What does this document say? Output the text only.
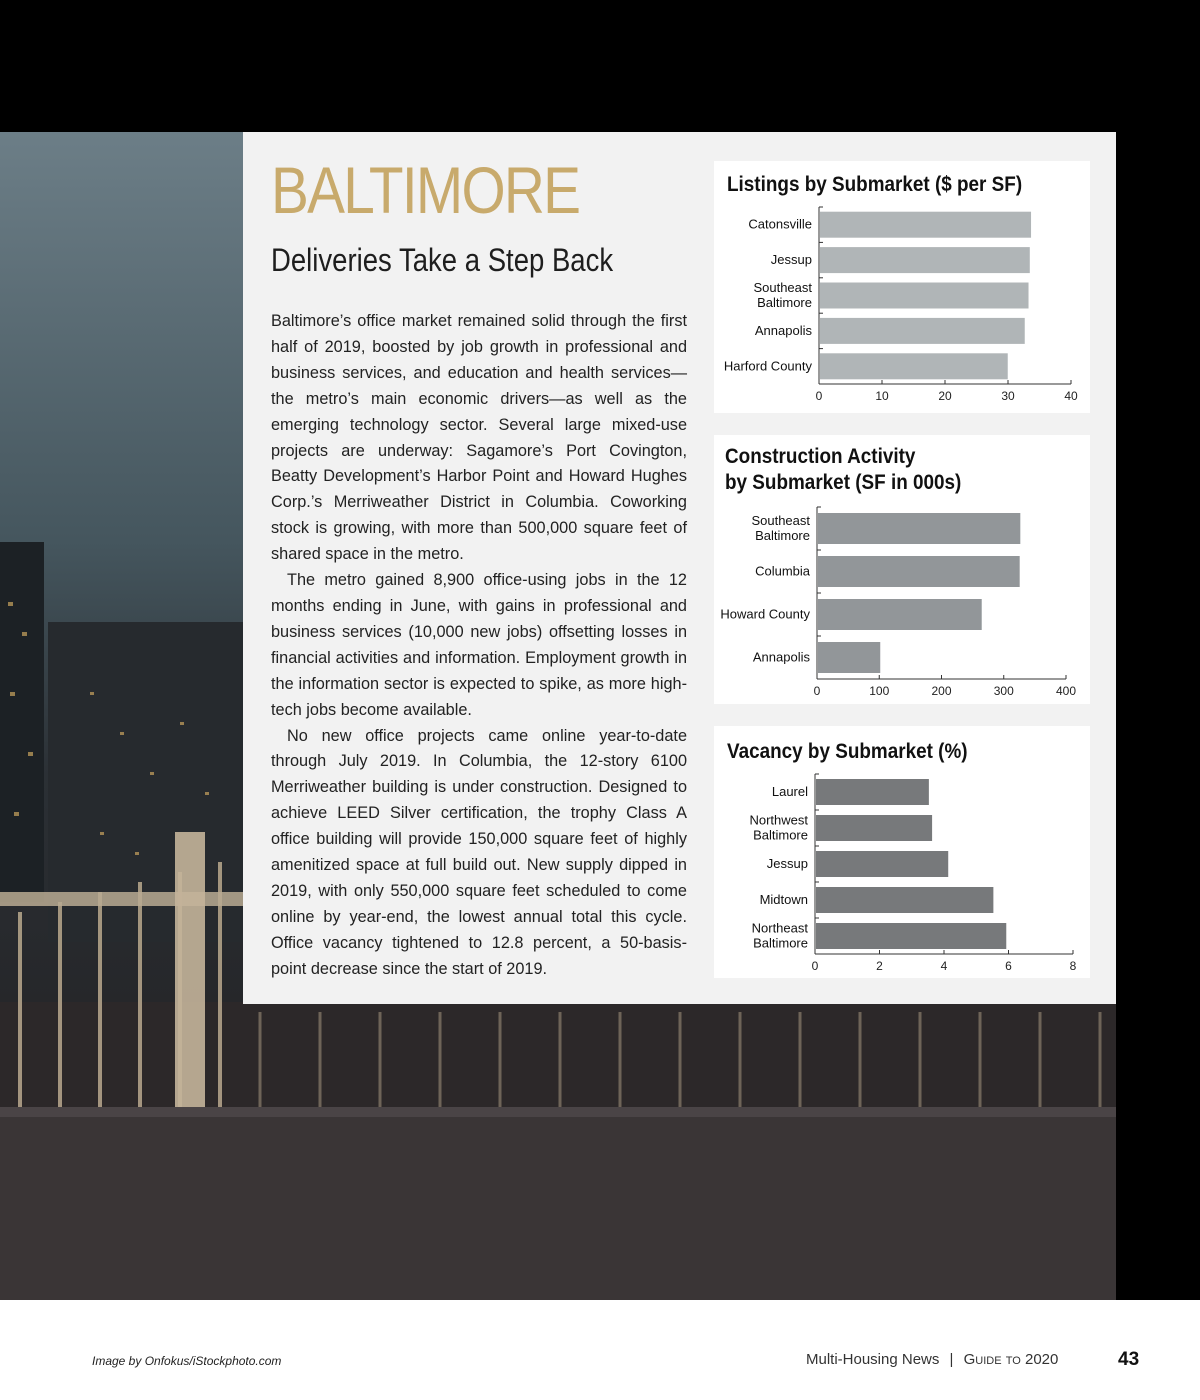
BALTIMORE
Deliveries Take a Step Back

Baltimore’s office market remained solid through the first half of 2019, boosted by job growth in professional and business services, and education and health services—the metro’s main economic drivers—as well as the emerging technology sector. Several large mixed-use projects are underway: Sagamore’s Port Covington, Beatty Development’s Harbor Point and Howard Hughes Corp.’s Merriweather District in Columbia. Coworking stock is growing, with more than 500,000 square feet of shared space in the metro.

The metro gained 8,900 office-using jobs in the 12 months ending in June, with gains in professional and business services (10,000 new jobs) offsetting losses in financial activities and information. Employment growth in the information sector is expected to spike, as more high-tech jobs become available.

No new office projects came online year-to-date through July 2019. In Columbia, the 12-story 6100 Merriweather building is under construction. Designed to achieve LEED Silver certification, the trophy Class A office building will provide 150,000 square feet of highly amenitized space at full build out. New supply dipped in 2019, with only 550,000 square feet scheduled to come online by year-end, the lowest annual total this cycle. Office vacancy tightened to 12.8 percent, a 50-basis-point decrease since the start of 2019.

Listings by Submarket ($ per SF)
0	10	20	30	40
Catonsville
Jessup
Southeast Baltimore
Annapolis
Harford County
Construction Activity
by Submarket (SF in 000s)
0	100	200	300	400
Southeast Baltimore
Columbia
Howard County
Annapolis
Vacancy by Submarket (%)
0	2	4	6	8
Laurel
Northwest Baltimore
Jessup
Midtown
Northeast Baltimore
Image by Onfokus/iStockphoto.com	Multi-Housing News | Guide to 2020	43
